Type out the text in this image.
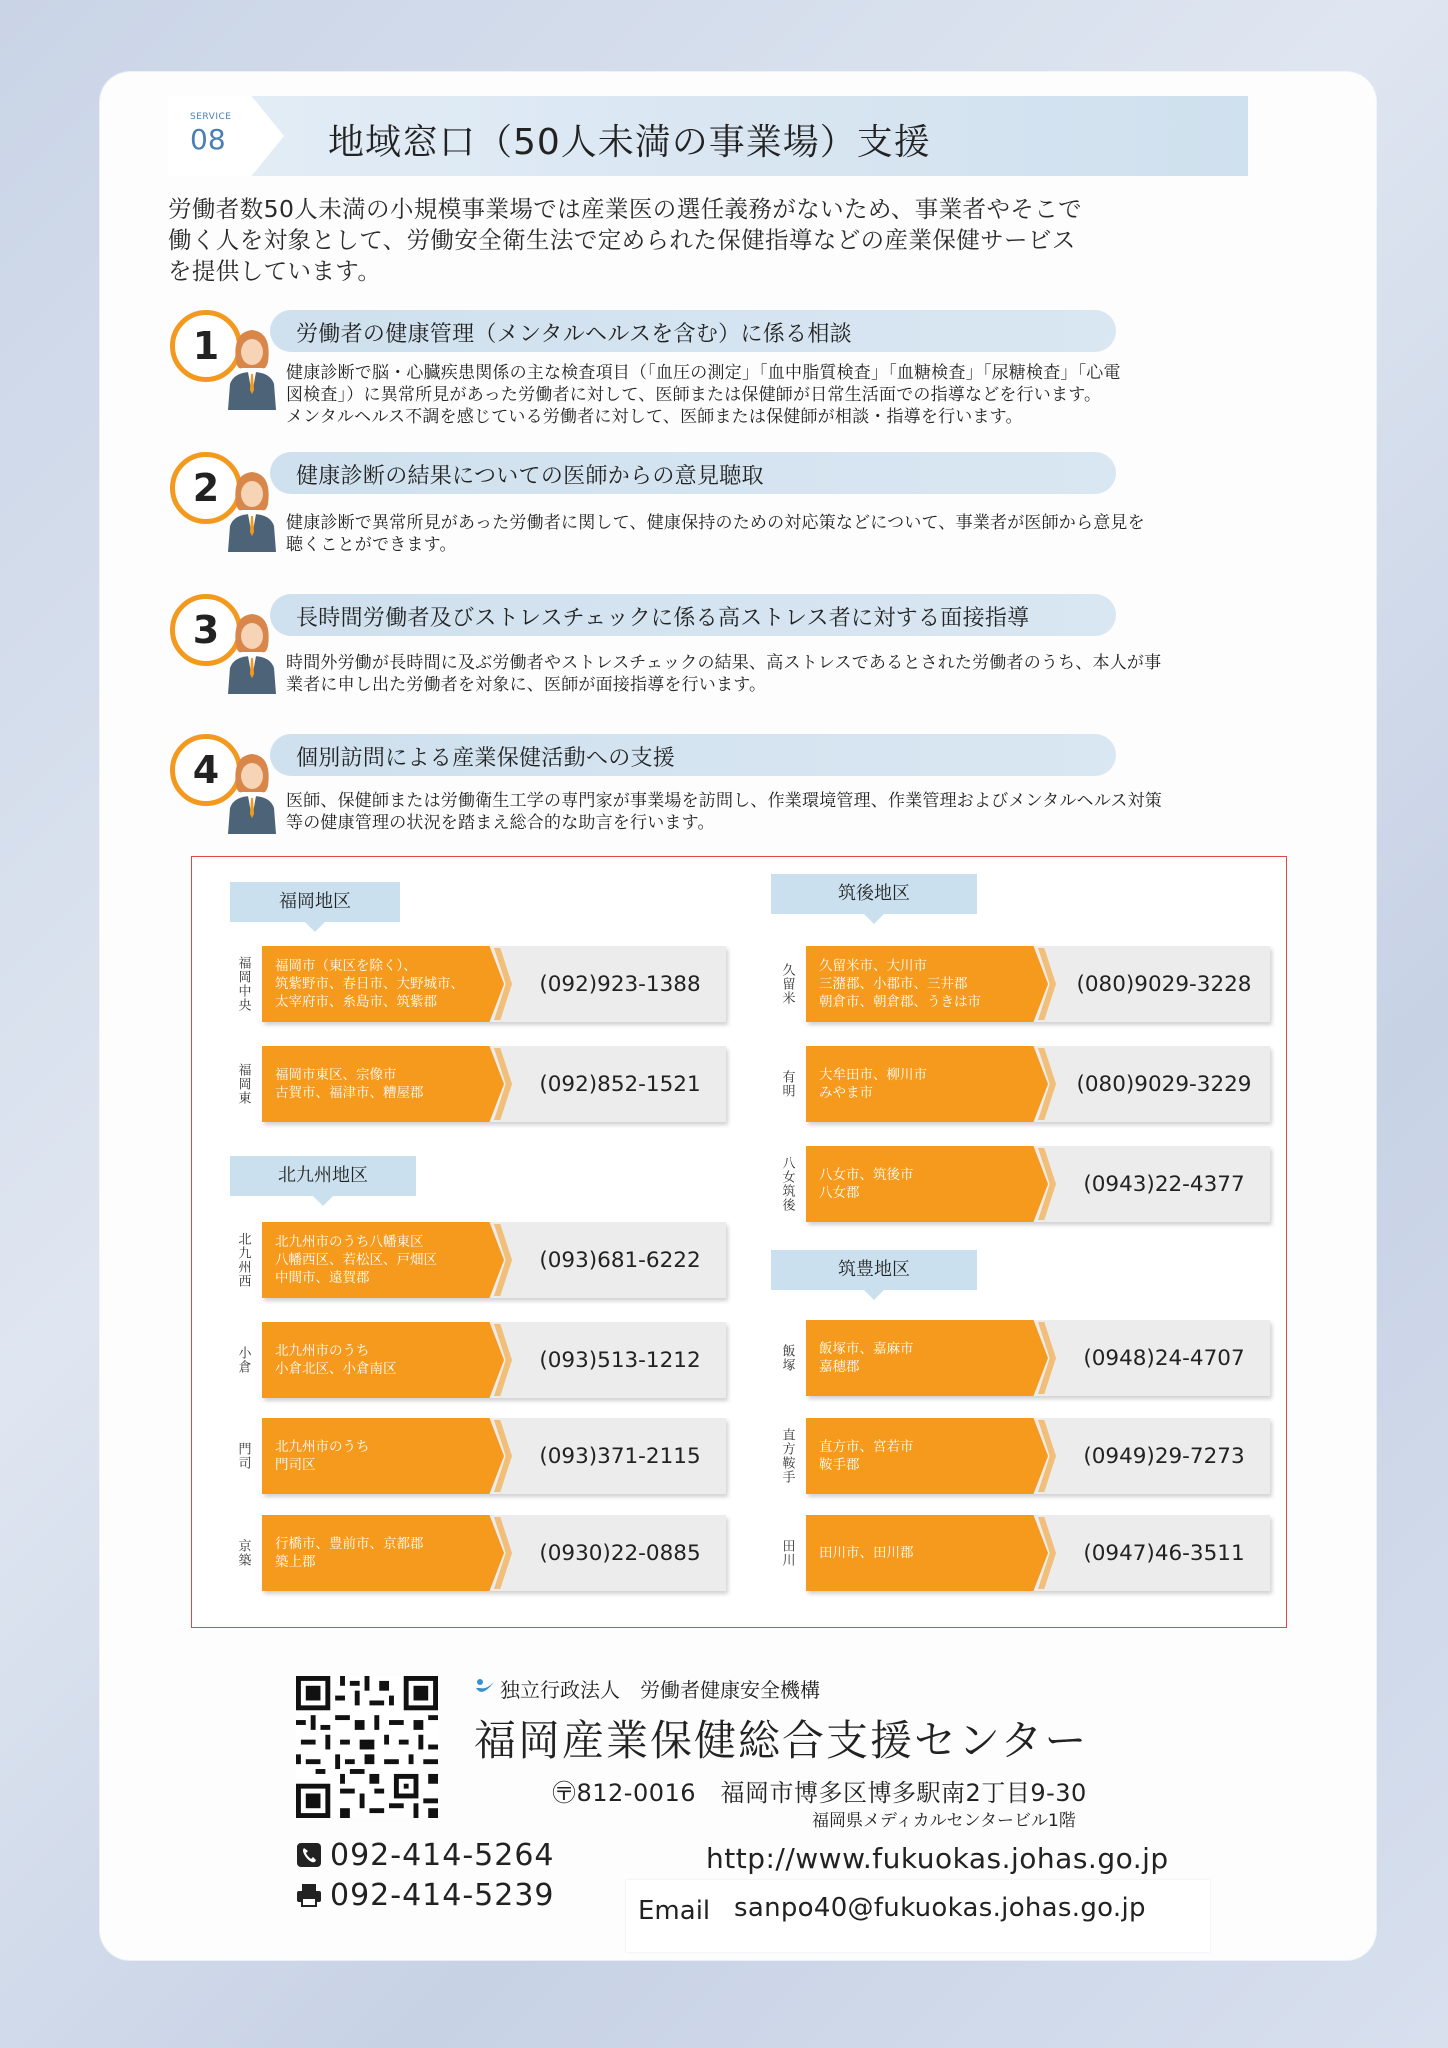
SERVICE
08	地域窓口（50人未満の事業場）支援
労働者数50人未満の小規模事業場では産業医の選任義務がないため、事業者やそこで
働く人を対象として、労働安全衛生法で定められた保健指導などの産業保健サービス
を提供しています。
労働者の健康管理（メンタルヘルスを含む）に係る相談
1
健康診断で脳・心臓疾患関係の主な検査項目（「血圧の測定」「血中脂質検査」「血糖検査」「尿糖検査」「心電
図検査」）に異常所見があった労働者に対して、医師または保健師が日常生活面での指導などを行います。
メンタルヘルス不調を感じている労働者に対して、医師または保健師が相談・指導を行います。
健康診断の結果についての医師からの意見聴取
2
健康診断で異常所見があった労働者に関して、健康保持のための対応策などについて、事業者が医師から意見を
聴くことができます。
長時間労働者及びストレスチェックに係る高ストレス者に対する面接指導
3
時間外労働が長時間に及ぶ労働者やストレスチェックの結果、高ストレスであるとされた労働者のうち、本人が事
業者に申し出た労働者を対象に、医師が面接指導を行います。
個別訪問による産業保健活動への支援
4
医師、保健師または労働衛生工学の専門家が事業場を訪問し、作業環境管理、作業管理およびメンタルヘルス対策
等の健康管理の状況を踏まえ総合的な助言を行います。
福岡地区	筑後地区
北九州地区
筑豊地区
福岡中央 福岡市（東区を除く）、
筑紫野市、春日市、大野城市、
太宰府市、糸島市、筑紫郡
(092)923-1388
福岡東 福岡市東区、宗像市
古賀市、福津市、糟屋郡	(092)852-1521
北九州西 北九州市のうち八幡東区
八幡西区、若松区、戸畑区
中間市、遠賀郡
(093)681-6222
小倉 北九州市のうち
小倉北区、小倉南区	(093)513-1212
門司 北九州市のうち
門司区	(093)371-2115
京築 行橋市、豊前市、京都郡
築上郡	(0930)22-0885
久留米 久留米市、大川市
三潴郡、小郡市、三井郡
朝倉市、朝倉郡、うきは市
(080)9029-3228
有明 大牟田市、柳川市
みやま市	(080)9029-3229
八女筑後 八女市、筑後市
八女郡	(0943)22-4377
飯塚 飯塚市、嘉麻市
嘉穂郡	(0948)24-4707
直方鞍手 直方市、宮若市
鞍手郡	(0949)29-7273
田川 田川市、田川郡	(0947)46-3511
独立行政法人　労働者健康安全機構
福岡産業保健総合支援センター
〶812-0016　福岡市博多区博多駅南2丁目9-30
福岡県メディカルセンタービル1階
092-414-5264
092-414-5239
http://www.fukuokas.johas.go.jp
Email sanpo40@fukuokas.johas.go.jp
